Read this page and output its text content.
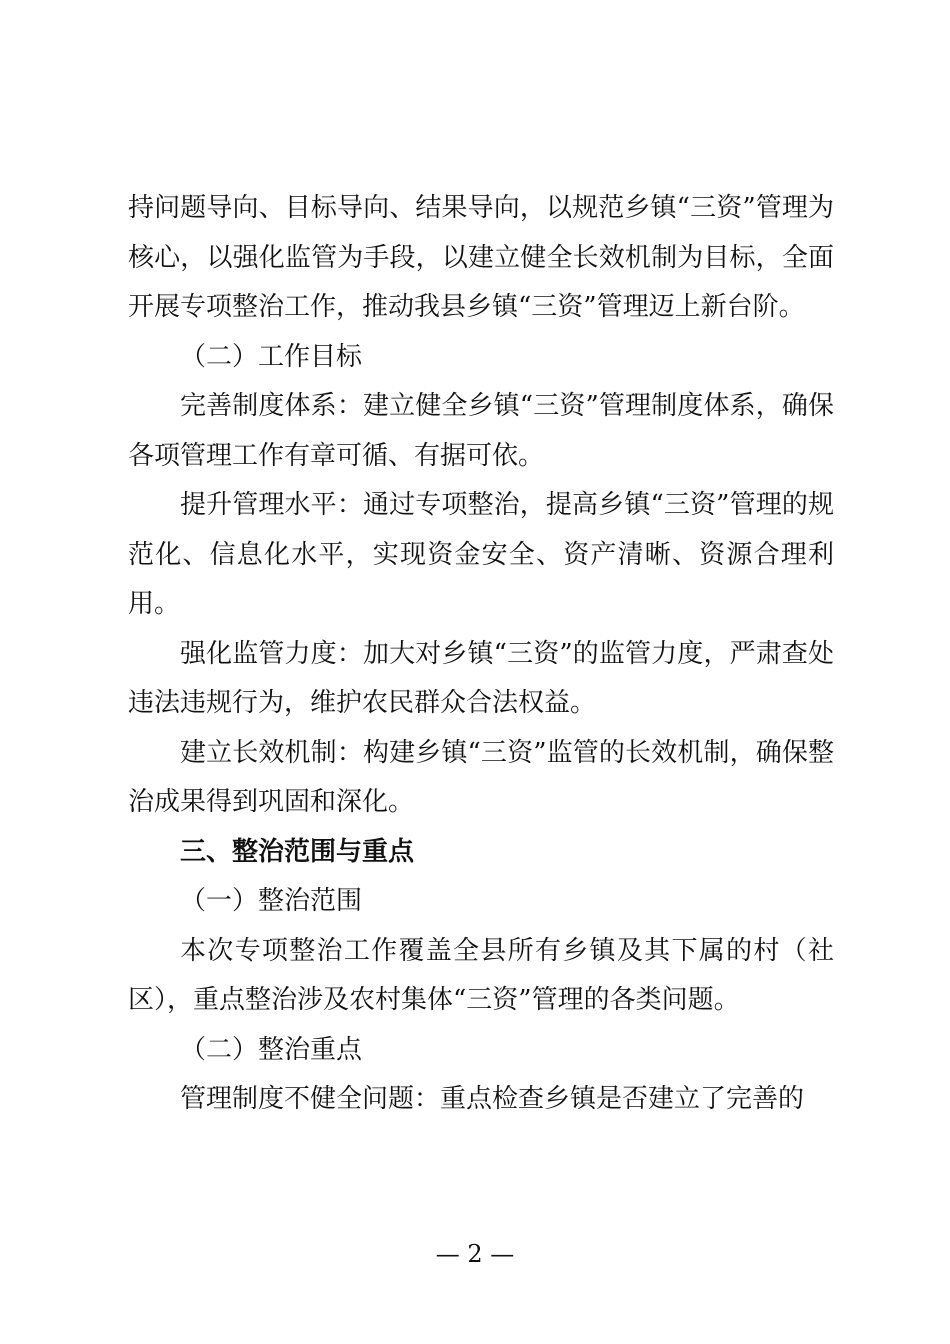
持问题导向、目标导向、结果导向，以规范乡镇“三资”管理为核心，以强化监管为手段，以建立健全长效机制为目标，全面开展专项整治工作，推动我县乡镇“三资”管理迈上新台阶。

（二）工作目标

完善制度体系：建立健全乡镇“三资”管理制度体系，确保各项管理工作有章可循、有据可依。

提升管理水平：通过专项整治，提高乡镇“三资”管理的规范化、信息化水平，实现资金安全、资产清晰、资源合理利用。

强化监管力度：加大对乡镇“三资”的监管力度，严肃查处违法违规行为，维护农民群众合法权益。

建立长效机制：构建乡镇“三资”监管的长效机制，确保整治成果得到巩固和深化。

三、整治范围与重点

（一）整治范围

本次专项整治工作覆盖全县所有乡镇及其下属的村（社区），重点整治涉及农村集体“三资”管理的各类问题。

（二）整治重点

管理制度不健全问题：重点检查乡镇是否建立了完善的

— 2 —
